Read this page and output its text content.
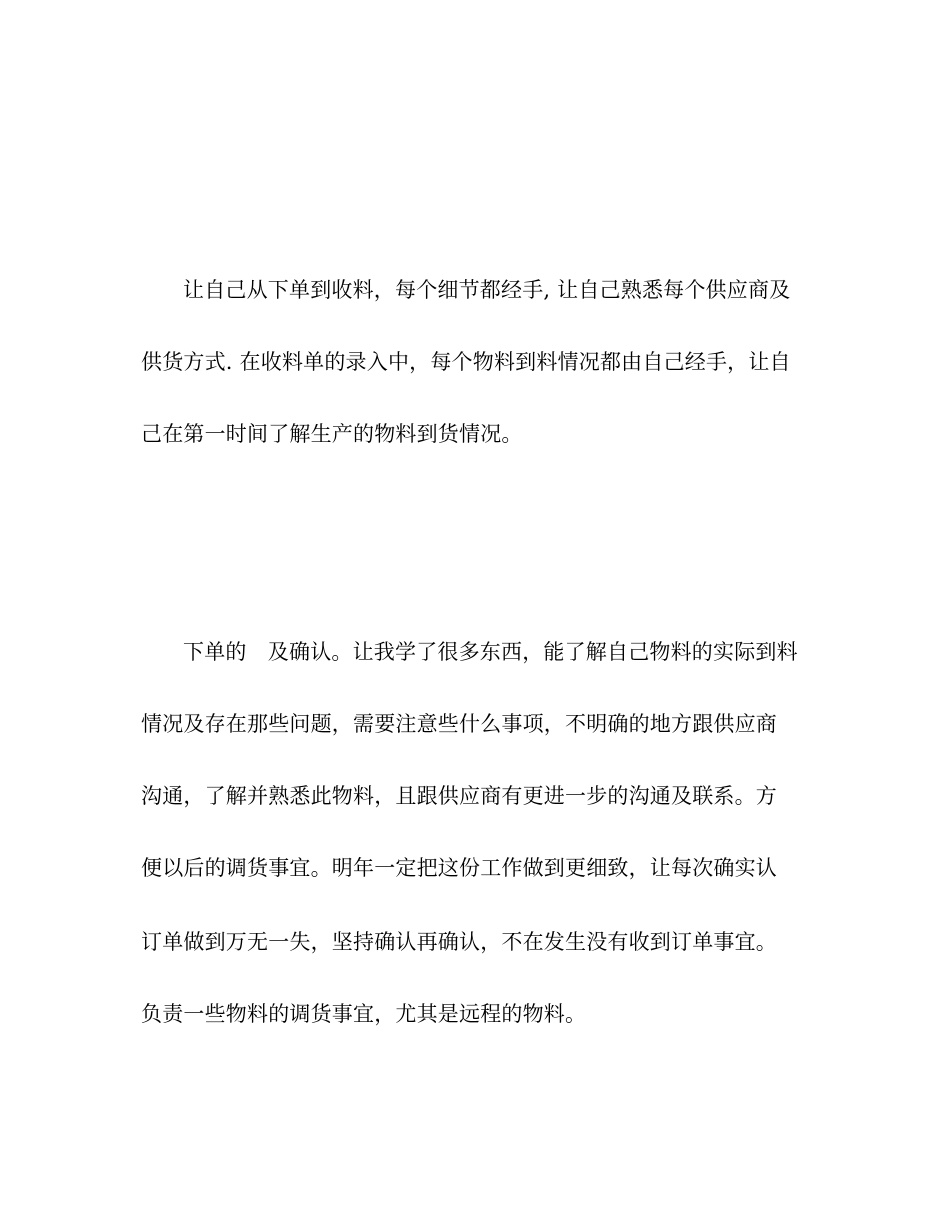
让自己从下单到收料，每个细节都经手, 让自己熟悉每个供应商及
供货方式. 在收料单的录入中，每个物料到料情况都由自己经手，让自
己在第一时间了解生产的物料到货情况。
下单的　及确认。让我学了很多东西，能了解自己物料的实际到料
情况及存在那些问题，需要注意些什么事项，不明确的地方跟供应商
沟通，了解并熟悉此物料，且跟供应商有更进一步的沟通及联系。方
便以后的调货事宜。明年一定把这份工作做到更细致，让每次确实认
订单做到万无一失，坚持确认再确认，不在发生没有收到订单事宜。
负责一些物料的调货事宜，尤其是远程的物料。
